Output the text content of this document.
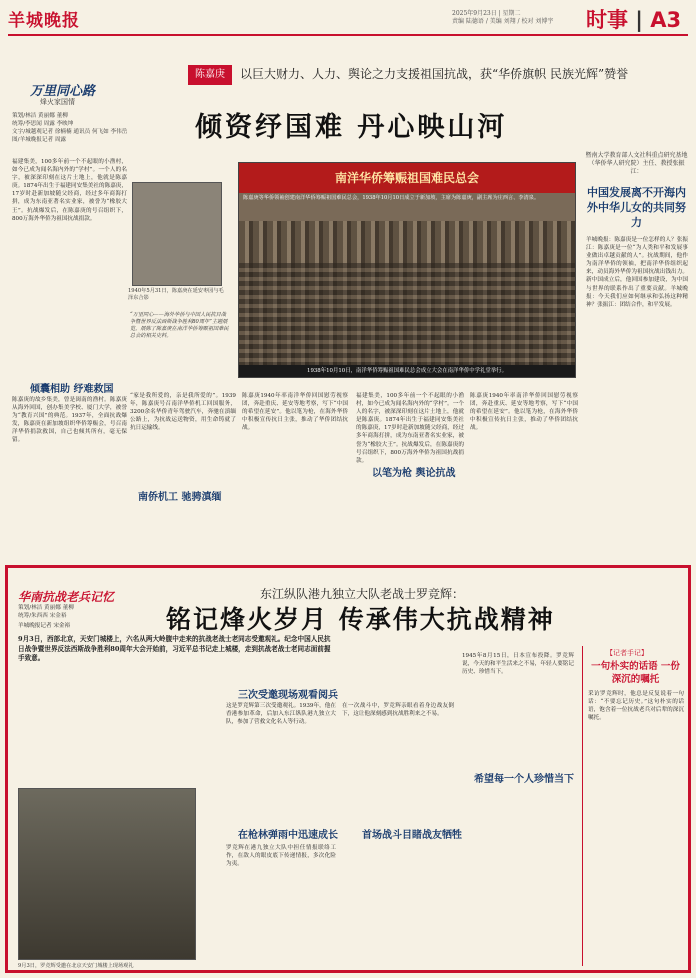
羊城晚报	2025年9月23日 | 星期二
责编 陆德语 / 美编 刘翔 / 校对 刘博宇	时事 | A3
万里同心路
烽火家国情
策划/林洁 黄丽娜 董柳
统筹/李思闻 周露 李映坤
文字/城越观记者 徐楠楠 通讯员 何飞如 李伟岳
图/羊城晚报记者 周露
陈嘉庚	以巨大财力、人力、舆论之力支援祖国抗战，获“华侨旗帜 民族光辉”赞誉
倾资纾国难 丹心映山河
福建集美，100多年前一个不起眼的小渔村，如今已成为闻名海内外的“学村”。一个人的名字，被深深印刻在这片土地上，他就是陈嘉庚。1874年出生于福建同安集美社的陈嘉庚，17岁时赴新加坡随父经商，经过多年商海打拼，成为东南亚著名实业家，被誉为“橡胶大王”。抗战爆发后，在陈嘉庚的号召组织下，800万海外华侨为祖国抗战捐款。
倾囊相助 纾难救国
陈嘉庚的故乡集美，曾是闽南的渔村。陈嘉庚从海外回国，创办集美学校、厦门大学，被誉为“教育兴国”的典范。1937年，全面抗战爆发，陈嘉庚在新加坡组织华侨筹赈会，号召南洋华侨捐款救国，自己也倾其所有，毫无保留。
1940年5月31日，陈嘉庚在延安枣园与毛泽东合影
“万里同心——海外华侨与中国人民抗日战争暨世界反法西斯战争胜利80周年”主题展览，展陈了陈嘉庚在南洋华侨筹赈祖国难民总会的相关史料。
南洋华侨筹赈祖国难民总会
陈嘉庚等华侨领袖创建南洋华侨筹赈祖国难民总会，1938年10月10日成立于新加坡，主席为陈嘉庚，副主席为庄西言、李清泉。
1938年10月10日，南洋华侨筹赈祖国难民总会成立大会在南洋华侨中学礼堂举行。
“家是我所爱的，亲是我所爱的”。1939年，陈嘉庚号召南洋华侨机工回国服务，3200余名华侨青年驾驶汽车，奔驰在滇缅公路上，为抗战运送物资，用生命铸就了抗日运输线。
南侨机工 驰骋滇缅
陈嘉庚1940年率南洋华侨回国慰劳视察团，奔赴重庆、延安等地考察，写下“中国的希望在延安”。他以笔为枪，在海外华侨中积极宣传抗日主张，推动了华侨团结抗战。
以笔为枪 舆论抗战
福建集美，100多年前一个不起眼的小渔村，如今已成为闻名海内外的“学村”。一个人的名字，被深深印刻在这片土地上，他就是陈嘉庚。1874年出生于福建同安集美社的陈嘉庚，17岁时赴新加坡随父经商，经过多年商海打拼，成为东南亚著名实业家，被誉为“橡胶大王”。抗战爆发后，在陈嘉庚的号召组织下，800万海外华侨为祖国抗战捐款。
陈嘉庚1940年率南洋华侨回国慰劳视察团，奔赴重庆、延安等地考察，写下“中国的希望在延安”。他以笔为枪，在海外华侨中积极宣传抗日主张，推动了华侨团结抗战。
暨南大学教育部人文社科重点研究基地（华侨华人研究院）主任、教授张振江：
中国发展离不开海内外中华儿女的共同努力
羊城晚报：陈嘉庚是一位怎样的人？张振江：陈嘉庚是一位“为人类和平和发展事业做出卓越贡献的人”。抗战期间，他作为南洋华侨的领袖，把南洋华侨组织起来，动员海外华侨为祖国抗战出钱出力。新中国成立后，他回国参加建设，为中国与世界的联系作出了重要贡献。羊城晚报：今天我们应如何继承和弘扬这种精神？张振江：团结合作，和平发展。
华南抗战老兵记忆	东江纵队港九独立大队老战士罗竞辉：
铭记烽火岁月 传承伟大抗战精神
策划/林洁 黄丽娜 董柳
统筹/朱西西 宋金裕
羊城晚报记者 宋金裕
9月3日，西部北京，天安门城楼上，六名从两大岭腹中走来的抗战老战士老同志受邀观礼。纪念中国人民抗日战争暨世界反法西斯战争胜利80周年大会开始前，习近平总书记走上城楼，走到抗战老战士老同志面前握手致意。
三次受邀现场观看阅兵
这是罗竞辉第三次受邀观礼。1939年，他在香港参加革命，后加入东江纵队港九独立大队，参加了营救文化名人等行动。
在枪林弹雨中迅速成长
罗竞辉在港九独立大队中担任情报联络工作，在敌人的眼皮底下传递情报，多次化险为夷。
首场战斗目睹战友牺牲
在一次战斗中，罗竞辉亲眼看着身边战友倒下，这让他深刻感到抗战胜利来之不易。
希望每一个人珍惜当下
1945年8月15日，日本宣布投降。罗竞辉说，今天的和平生活来之不易，年轻人要铭记历史、珍惜当下。
9月3日，罗竞辉受邀在北京天安门城楼上现场观礼
【记者手记】
一句朴实的话语 一份深沉的嘱托
采访罗竞辉时，他总是反复说着一句话：“不要忘记历史。”这句朴实的话语，饱含着一位抗战老兵对后辈的深沉嘱托。
